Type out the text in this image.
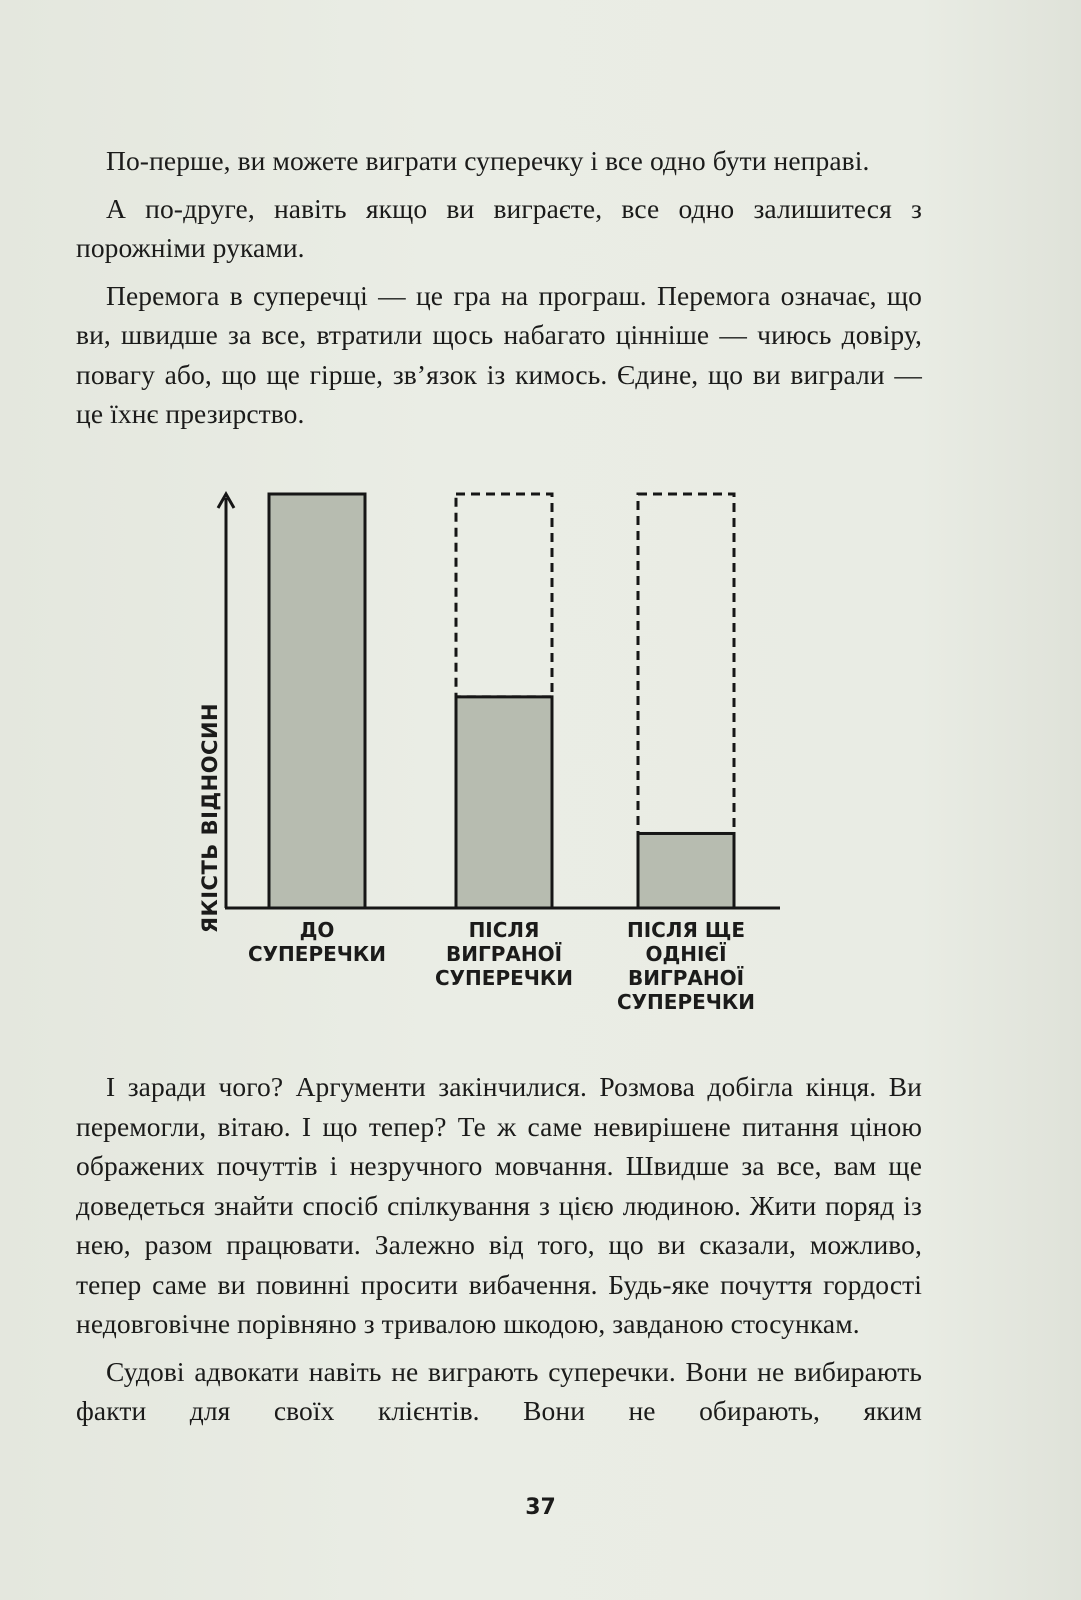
По-перше, ви можете виграти суперечку і все одно бути неправі.

А по-друге, навіть якщо ви виграєте, все одно залишитеся з порожніми руками.

Перемога в суперечці — це гра на програш. Перемога означає, що ви, швидше за все, втратили щось набагато цінніше — чиюсь довіру, повагу або, що ще гірше, зв’язок із кимось. Єдине, що ви виграли — це їхнє презирство.

ЯКІСТЬ ВІДНОСИН	ДО
СУПЕРЕЧКИ
ПІСЛЯ
ВИГРАНОЇ
СУПЕРЕЧКИ
ПІСЛЯ ЩЕ
ОДНІЄЇ
ВИГРАНОЇ
СУПЕРЕЧКИ

І заради чого? Аргументи закінчилися. Розмова добігла кінця. Ви перемогли, вітаю. І що тепер? Те ж саме невирішене питання ціною ображених почуттів і незручного мовчання. Швидше за все, вам ще доведеться знайти спосіб спілкування з цією людиною. Жити поряд із нею, разом працювати. Залежно від того, що ви сказали, можливо, тепер саме ви повинні просити вибачення. Будь-яке почуття гордості недовговічне порівняно з тривалою шкодою, завданою стосункам.

Судові адвокати навіть не виграють суперечки. Вони не вибирають факти для своїх клієнтів. Вони не обирають, яким

37
